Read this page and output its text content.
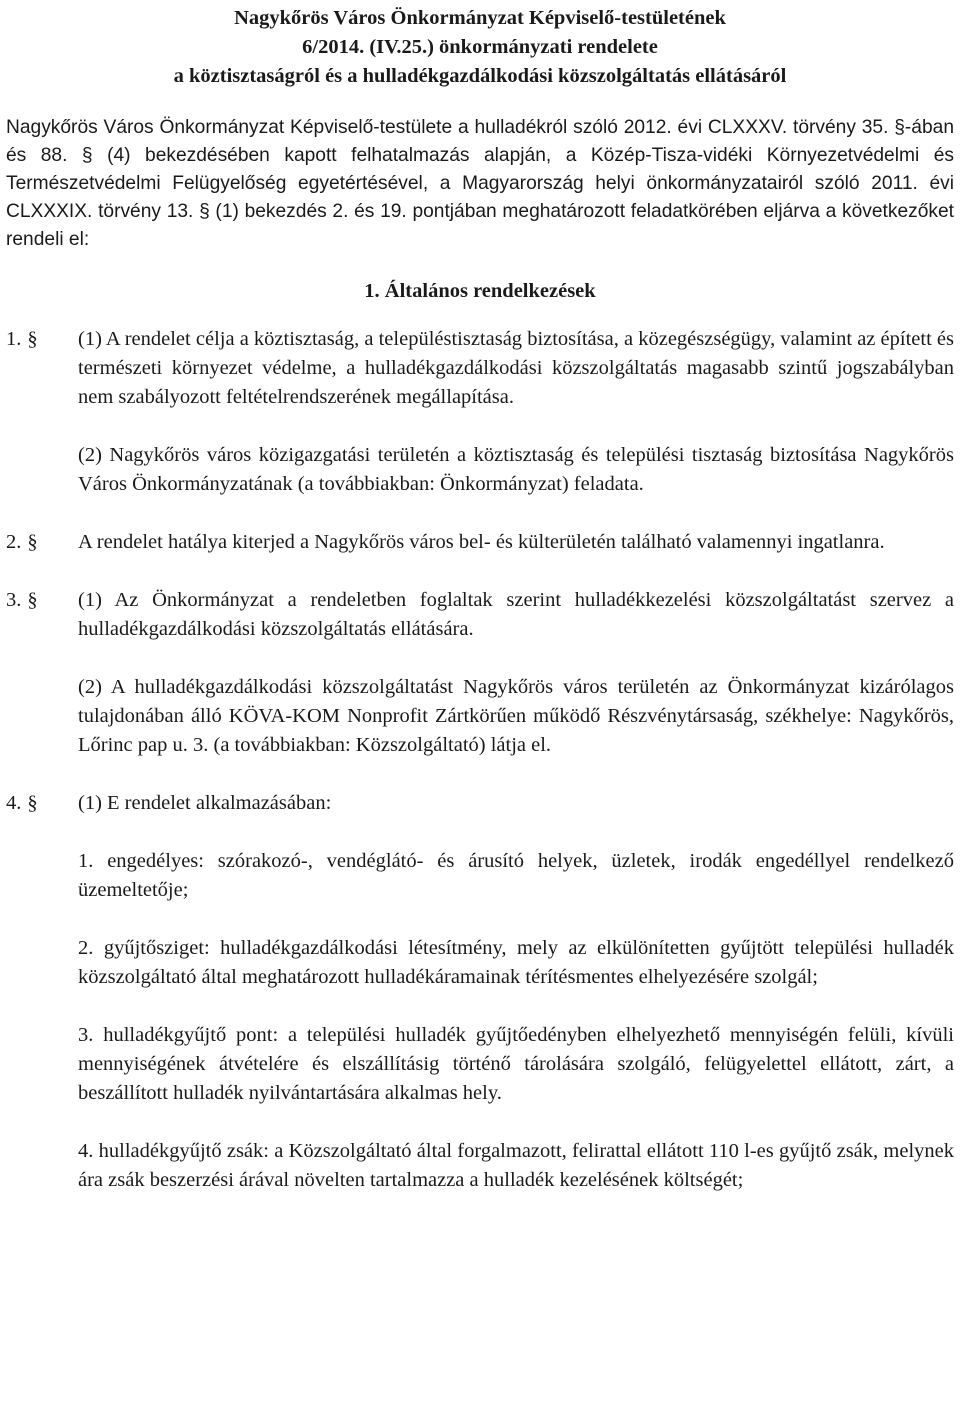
Nagykőrös Város Önkormányzat Képviselő-testületének

6/2014. (IV.25.) önkormányzati rendelete

a köztisztaságról és a hulladékgazdálkodási közszolgáltatás ellátásáról

Nagykőrös Város Önkormányzat Képviselő-testülete a hulladékról szóló 2012. évi CLXXXV. törvény 35. §-ában és 88. § (4) bekezdésében kapott felhatalmazás alapján, a Közép-Tisza-vidéki Környezetvédelmi és Természetvédelmi Felügyelőség egyetértésével, a Magyarország helyi önkormányzatairól szóló 2011. évi CLXXXIX. törvény 13. § (1) bekezdés 2. és 19. pontjában meghatározott feladatkörében eljárva a következőket rendeli el:
1. Általános rendelkezések
1. §	(1) A rendelet célja a köztisztaság, a településtisztaság biztosítása, a közegészségügy, valamint az épített és természeti környezet védelme, a hulladékgazdálkodási közszolgáltatás magasabb szintű jogszabályban nem szabályozott feltételrendszerének megállapítása.
(2) Nagykőrös város közigazgatási területén a köztisztaság és települési tisztaság biztosítása Nagykőrös Város Önkormányzatának (a továbbiakban: Önkormányzat) feladata.
2. §	A rendelet hatálya kiterjed a Nagykőrös város bel- és külterületén található valamennyi ingatlanra.
3. §	(1) Az Önkormányzat a rendeletben foglaltak szerint hulladékkezelési közszolgáltatást szervez a hulladékgazdálkodási közszolgáltatás ellátására.
(2) A hulladékgazdálkodási közszolgáltatást Nagykőrös város területén az Önkormányzat kizárólagos tulajdonában álló KÖVA-KOM Nonprofit Zártkörűen működő Részvénytársaság, székhelye: Nagykőrös, Lőrinc pap u. 3. (a továbbiakban: Közszolgáltató) látja el.
4. §	(1) E rendelet alkalmazásában:
1. engedélyes: szórakozó-, vendéglátó- és árusító helyek, üzletek, irodák engedéllyel rendelkező üzemeltetője;
2. gyűjtősziget: hulladékgazdálkodási létesítmény, mely az elkülönítetten gyűjtött települési hulladék közszolgáltató által meghatározott hulladékáramainak térítésmentes elhelyezésére szolgál;
3. hulladékgyűjtő pont: a települési hulladék gyűjtőedényben elhelyezhető mennyiségén felüli, kívüli mennyiségének átvételére és elszállításig történő tárolására szolgáló, felügyelettel ellátott, zárt, a beszállított hulladék nyilvántartására alkalmas hely.
4. hulladékgyűjtő zsák: a Közszolgáltató által forgalmazott, felirattal ellátott 110 l-es gyűjtő zsák, melynek ára zsák beszerzési árával növelten tartalmazza a hulladék kezelésének költségét;
